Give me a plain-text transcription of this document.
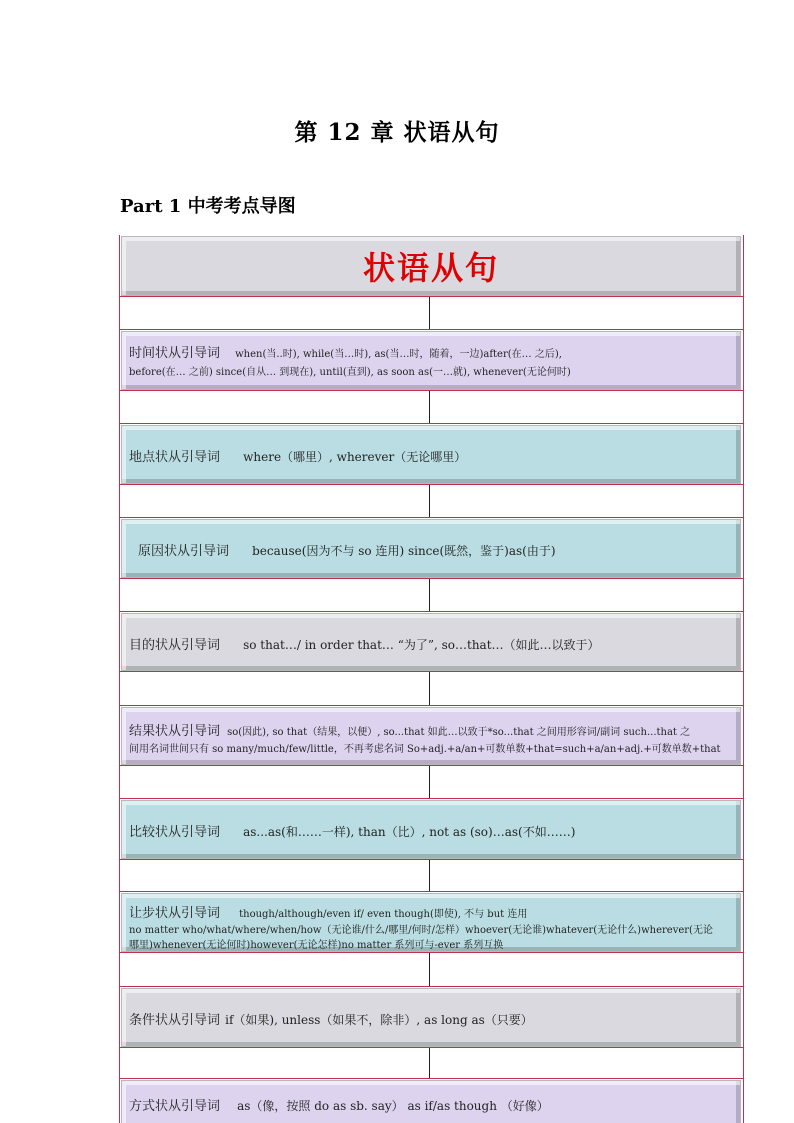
第 12 章 状语从句
Part 1 中考考点导图
状语从句
时间状从引导词 when(当..时), while(当…时), as(当…时，随着，一边)after(在… 之后),
before(在… 之前) since(自从… 到现在), until(直到), as soon as(一…就), whenever(无论何时)
地点状从引导词 where（哪里）, wherever（无论哪里）
原因状从引导词 because(因为不与 so 连用) since(既然，鉴于)as(由于)
目的状从引导词 so that…/ in order that… “为了”, so…that…（如此…以致于）
结果状从引导词 so(因此), so that（结果，以便）, so...that 如此…以致于*so...that 之间用形容词/副词 such...that 之
间用名词世间只有 so many/much/few/little，不再考虑名词 So+adj.+a/an+可数单数+that=such+a/an+adj.+可数单数+that
比较状从引导词 as...as(和……一样), than（比）, not as (so)…as(不如……)
让步状从引导词 though/although/even if/ even though(即使), 不与 but 连用
no matter who/what/where/when/how（无论谁/什么/哪里/何时/怎样）whoever(无论谁)whatever(无论什么)wherever(无论
哪里)whenever(无论何时)however(无论怎样)no matter 系列可与-ever 系列互换
条件状从引导词 if（如果), unless（如果不，除非）, as long as（只要）
方式状从引导词 as（像，按照 do as sb. say） as if/as though （好像）
